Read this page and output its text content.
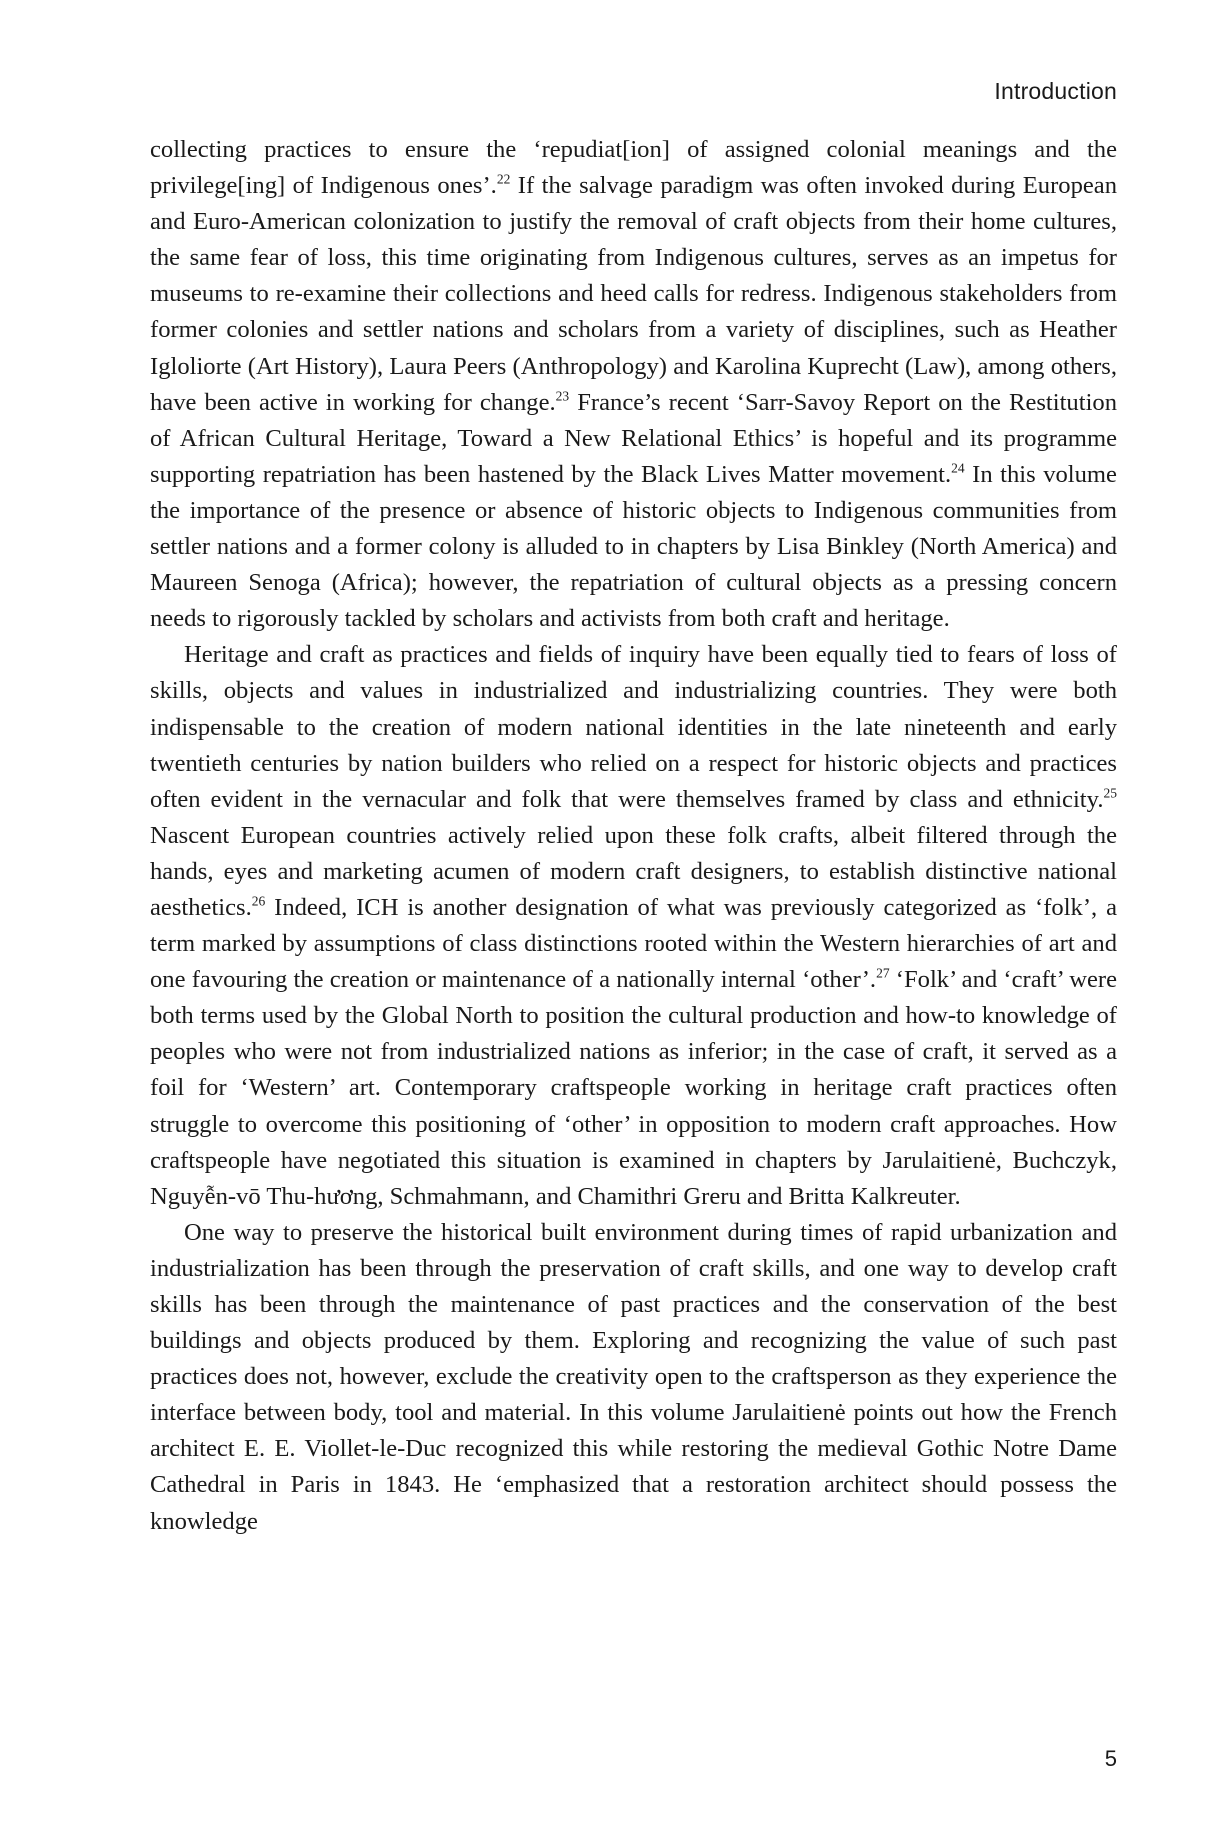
Introduction

collecting practices to ensure the ‘repudiat[ion] of assigned colonial meanings and the privilege[ing] of Indigenous ones’.$^{22}$ If the salvage paradigm was often invoked during European and Euro-American colonization to justify the removal of craft objects from their home cultures, the same fear of loss, this time originating from Indigenous cultures, serves as an impetus for museums to re-examine their collections and heed calls for redress. Indigenous stakeholders from former colonies and settler nations and scholars from a variety of disciplines, such as Heather Igloliorte (Art History), Laura Peers (Anthropology) and Karolina Kuprecht (Law), among others, have been active in working for change.$^{23}$ France’s recent ‘Sarr-Savoy Report on the Restitution of African Cultural Heritage, Toward a New Relational Ethics’ is hopeful and its programme supporting repatriation has been hastened by the Black Lives Matter movement.$^{24}$ In this volume the importance of the presence or absence of historic objects to Indigenous communities from settler nations and a former colony is alluded to in chapters by Lisa Binkley (North America) and Maureen Senoga (Africa); however, the repatriation of cultural objects as a pressing concern needs to rigorously tackled by scholars and activists from both craft and heritage.

Heritage and craft as practices and fields of inquiry have been equally tied to fears of loss of skills, objects and values in industrialized and industrializing countries. They were both indispensable to the creation of modern national identities in the late nineteenth and early twentieth centuries by nation builders who relied on a respect for historic objects and practices often evident in the vernacular and folk that were themselves framed by class and ethnicity.$^{25}$ Nascent European countries actively relied upon these folk crafts, albeit filtered through the hands, eyes and marketing acumen of modern craft designers, to establish distinctive national aesthetics.$^{26}$ Indeed, ICH is another designation of what was previously categorized as ‘folk’, a term marked by assumptions of class distinctions rooted within the Western hierarchies of art and one favouring the creation or maintenance of a nationally internal ‘other’.$^{27}$ ‘Folk’ and ‘craft’ were both terms used by the Global North to position the cultural production and how-to knowledge of peoples who were not from industrialized nations as inferior; in the case of craft, it served as a foil for ‘Western’ art. Contemporary craftspeople working in heritage craft practices often struggle to overcome this positioning of ‘other’ in opposition to modern craft approaches. How craftspeople have negotiated this situation is examined in chapters by Jarulaitienė, Buchczyk, Nguyễn-vō Thu-hương, Schmahmann, and Chamithri Greru and Britta Kalkreuter.

One way to preserve the historical built environment during times of rapid urbanization and industrialization has been through the preservation of craft skills, and one way to develop craft skills has been through the maintenance of past practices and the conservation of the best buildings and objects produced by them. Exploring and recognizing the value of such past practices does not, however, exclude the creativity open to the craftsperson as they experience the interface between body, tool and material. In this volume Jarulaitienė points out how the French architect E. E. Viollet-le-Duc recognized this while restoring the medieval Gothic Notre Dame Cathedral in Paris in 1843. He ‘emphasized that a restoration architect should possess the knowledge

5
